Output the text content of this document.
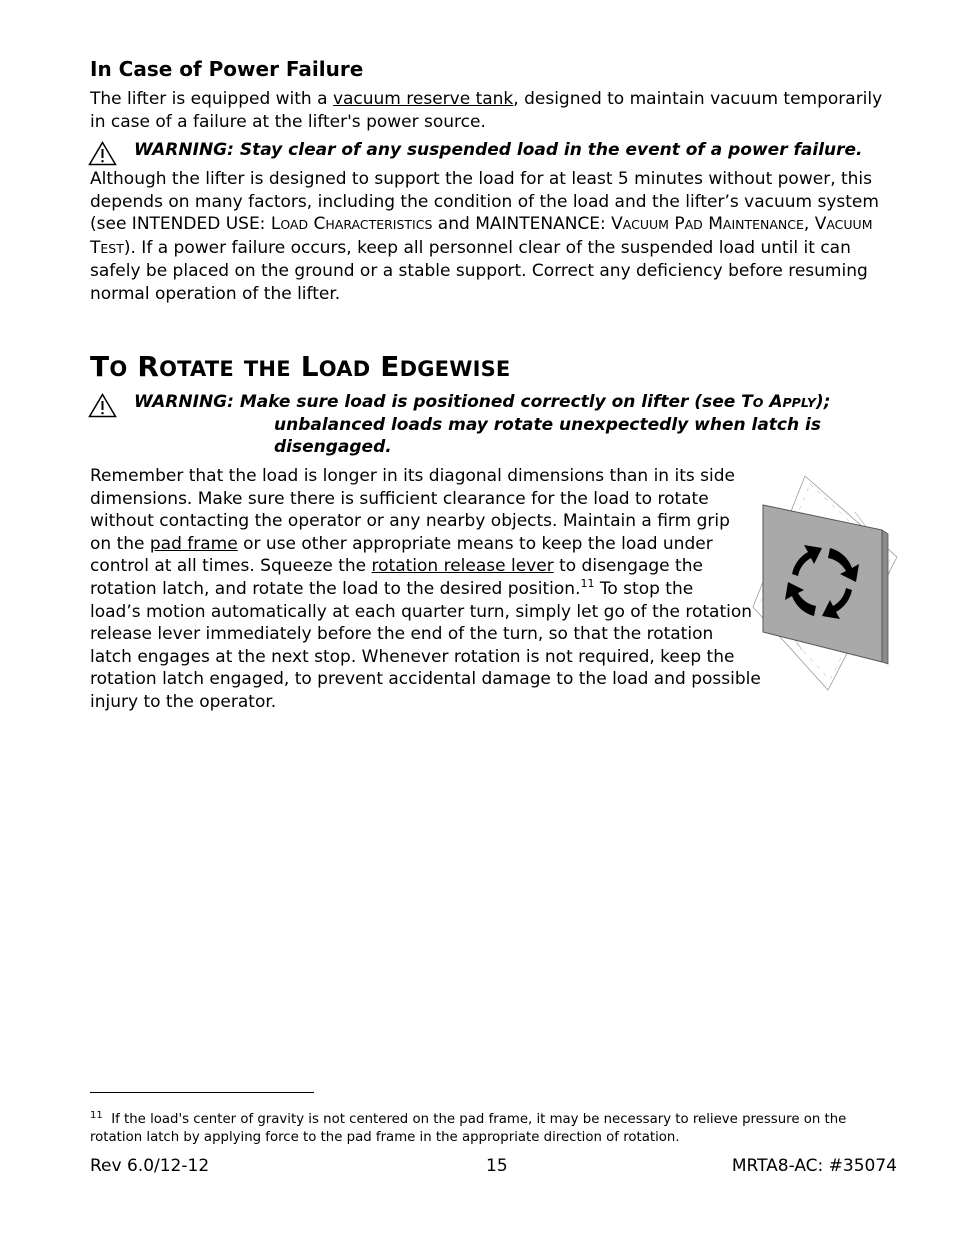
In Case of Power Failure
The lifter is equipped with a vacuum reserve tank, designed to maintain vacuum temporarily in case of a failure at the lifter's power source.
WARNING: Stay clear of any suspended load in the event of a power failure.
Although the lifter is designed to support the load for at least 5 minutes without power, this depends on many factors, including the condition of the load and the lifter’s vacuum system (see INTENDED USE: LOAD CHARACTERISTICS and MAINTENANCE: VACUUM PAD MAINTENANCE, VACUUM
TEST). If a power failure occurs, keep all personnel clear of the suspended load until it can safely be placed on the ground or a stable support. Correct any deficiency before resuming normal operation of the lifter.
TO ROTATE THE LOAD EDGEWISE
WARNING: Make sure load is positioned correctly on lifter (see TO APPLY);
unbalanced loads may rotate unexpectedly when latch is
disengaged.
Remember that the load is longer in its diagonal dimensions than in its side
dimensions. Make sure there is sufficient clearance for the load to rotate
without contacting the operator or any nearby objects. Maintain a firm grip
on the pad frame or use other appropriate means to keep the load under
control at all times. Squeeze the rotation release lever to disengage the
rotation latch, and rotate the load to the desired position.$^{11}$ To stop the
load’s motion automatically at each quarter turn, simply let go of the rotation
release lever immediately before the end of the turn, so that the rotation
latch engages at the next stop. Whenever rotation is not required, keep the
rotation latch engaged, to prevent accidental damage to the load and possible
injury to the operator.
$^{11}$ If the load's center of gravity is not centered on the pad frame, it may be necessary to relieve pressure on the rotation latch by applying force to the pad frame in the appropriate direction of rotation.
Rev 6.0/12-12	15	MRTA8-AC: #35074
